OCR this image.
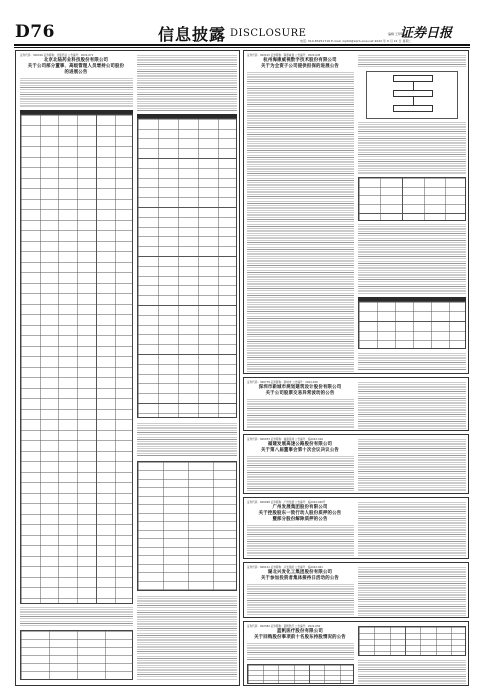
D76	信息披露 DISCLOSURE	证券日报
编辑 王梦敏
电话: 010-83251716 E-mail: zqrb9@zqrb.sina.net 2022 年 6 月 21 日 星期二
证券代码：300016 证券简称：北陆药业 公告编号：2022-071
北京北陆药业科技股份有限公司
关于公司部分董事、高级管理人员增持公司股份
的进展公告
证券代码：002415 证券简称：海康威视 公告编号：2022-045
杭州海康威视数字技术股份有限公司
关于为全资子公司提供担保的进展公告
证券代码：300778 证券简称：新城市 公告编号：2022-036
深圳市新城市规划建筑设计股份有限公司
关于公司股票交易异常波动的公告
证券代码：600033 证券简称：福建高速 公告编号：临2022-016
福建发展高速公路股份有限公司
关于第八届董事会第十次会议决议公告
证券代码：600098 证券简称：广州发展 公告编号：临2022-040号
广州发展集团股份有限公司
关于控股股东一致行动人股份质押的公告
暨部分股份解除质押的公告
证券代码：600141 证券简称：兴发集团 公告编号：临2022-061
湖北兴发化工集团股份有限公司
关于参加投资者集体接待日活动的公告
证券代码：002382 证券简称：蓝帆医疗 公告编号：2022-050
蓝帆医疗股份有限公司
关于回购股份事项前十名股东持股情况的公告
